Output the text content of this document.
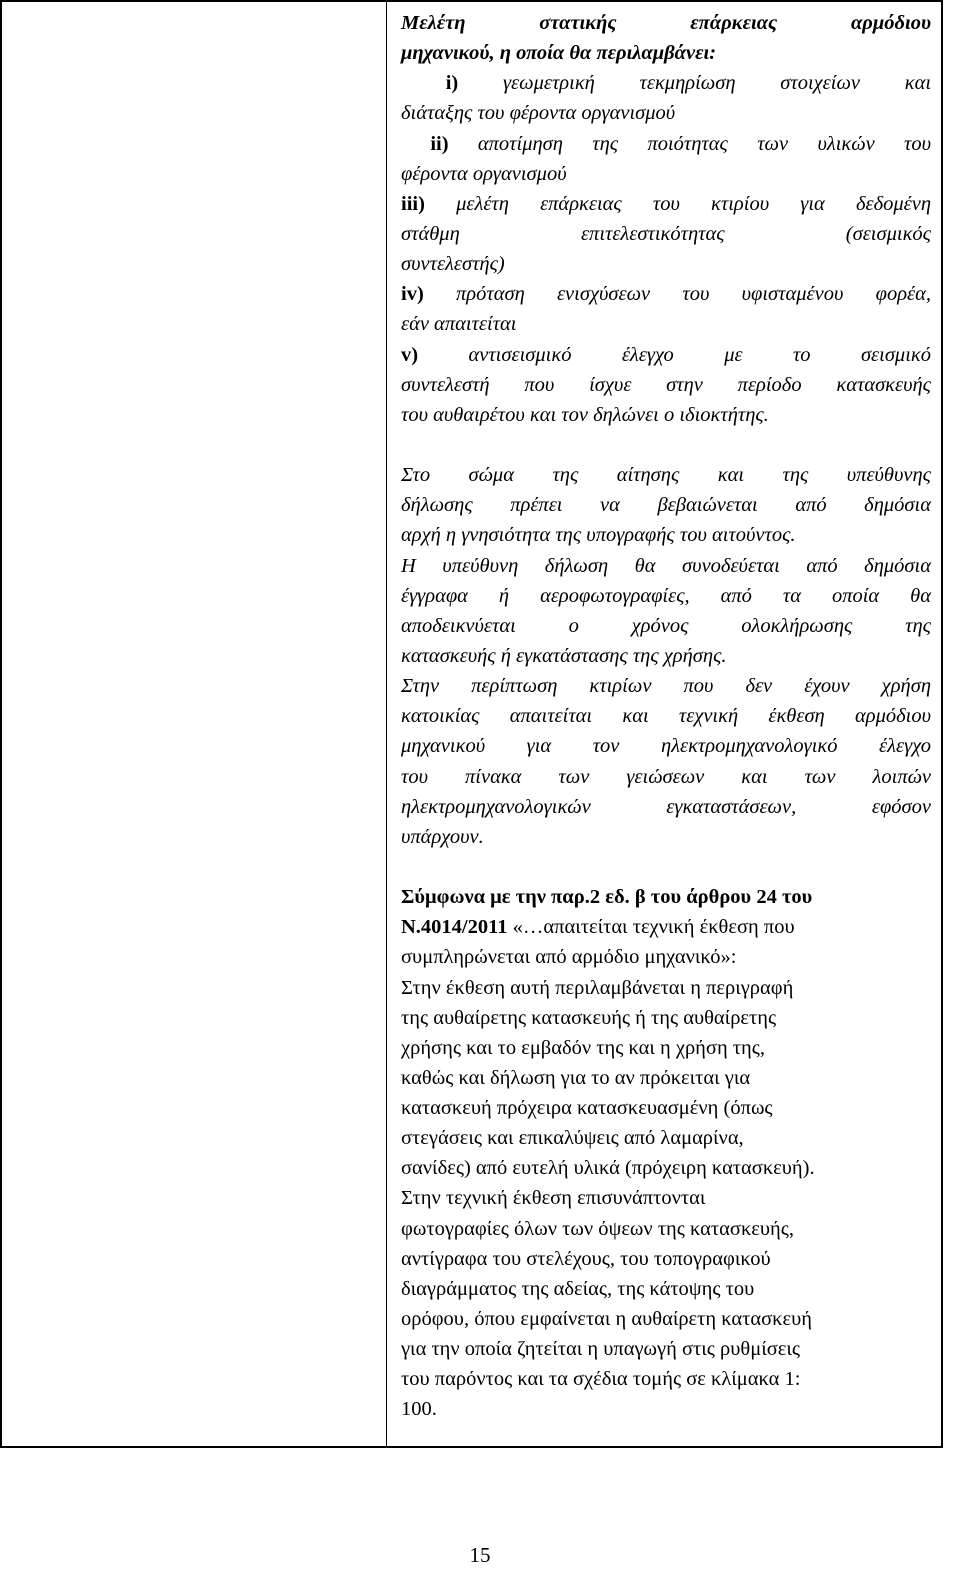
Μελέτη στατικής επάρκειας αρμόδιου
μηχανικού, η οποία θα περιλαμβάνει:
i) γεωμετρική τεκμηρίωση στοιχείων και
διάταξης του φέροντα οργανισμού
ii) αποτίμηση της ποιότητας των υλικών του
φέροντα οργανισμού
iii) μελέτη επάρκειας του κτιρίου για δεδομένη
στάθμη επιτελεστικότητας (σεισμικός
συντελεστής)
iv) πρόταση ενισχύσεων του υφισταμένου φορέα,
εάν απαιτείται
v) αντισεισμικό έλεγχο με το σεισμικό
συντελεστή που ίσχυε στην περίοδο κατασκευής
του αυθαιρέτου και τον δηλώνει ο ιδιοκτήτης.
Στο σώμα της αίτησης και της υπεύθυνης
δήλωσης πρέπει να βεβαιώνεται από δημόσια
αρχή η γνησιότητα της υπογραφής του αιτούντος.
Η υπεύθυνη δήλωση θα συνοδεύεται από δημόσια
έγγραφα ή αεροφωτογραφίες, από τα οποία θα
αποδεικνύεται ο χρόνος ολοκλήρωσης της
κατασκευής ή εγκατάστασης της χρήσης.
Στην περίπτωση κτιρίων που δεν έχουν χρήση
κατοικίας απαιτείται και τεχνική έκθεση αρμόδιου
μηχανικού για τον ηλεκτρομηχανολογικό έλεγχο
του πίνακα των γειώσεων και των λοιπών
ηλεκτρομηχανολογικών εγκαταστάσεων, εφόσον
υπάρχουν.
Σύμφωνα με την παρ.2 εδ. β του άρθρου 24 του
Ν.4014/2011 «…απαιτείται τεχνική έκθεση που
συμπληρώνεται από αρμόδιο μηχανικό»:
Στην έκθεση αυτή περιλαμβάνεται η περιγραφή
της αυθαίρετης κατασκευής ή της αυθαίρετης
χρήσης και το εμβαδόν της και η χρήση της,
καθώς και δήλωση για το αν πρόκειται για
κατασκευή πρόχειρα κατασκευασμένη (όπως
στεγάσεις και επικαλύψεις από λαμαρίνα,
σανίδες) από ευτελή υλικά (πρόχειρη κατασκευή).
Στην τεχνική έκθεση επισυνάπτονται
φωτογραφίες όλων των όψεων της κατασκευής,
αντίγραφα του στελέχους, του τοπογραφικού
διαγράμματος της αδείας, της κάτοψης του
ορόφου, όπου εμφαίνεται η αυθαίρετη κατασκευή
για την οποία ζητείται η υπαγωγή στις ρυθμίσεις
του παρόντος και τα σχέδια τομής σε κλίμακα 1:
100.
15
